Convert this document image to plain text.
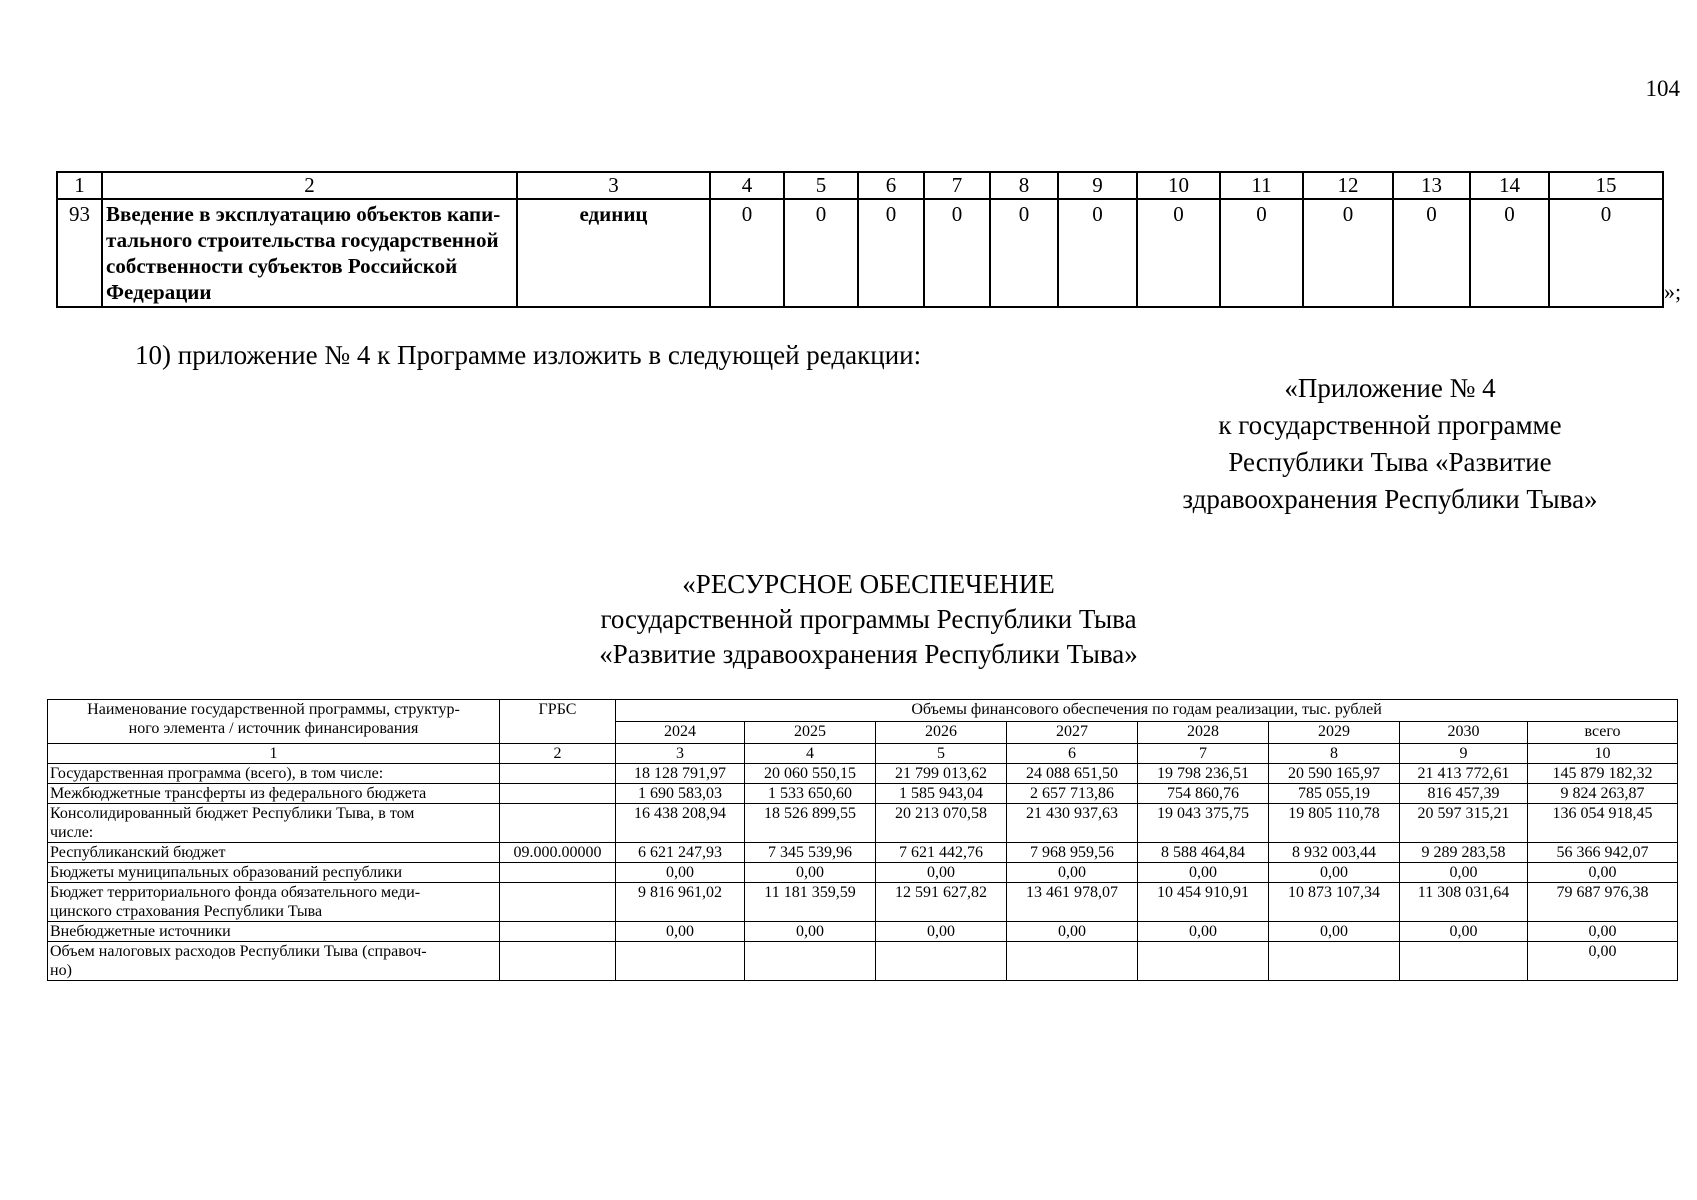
104
1	2	3	4	5	6	7	8	9	10	11	12	13	14	15
93	Введение в эксплуатацию объектов капи-
тального строительства государственной
собственности субъектов Российской
Федерации	единиц	0	0	0	0	0	0	0	0	0	0	0	0
»;
10) приложение № 4 к Программе изложить в следующей редакции:
«Приложение № 4
к государственной программе
Республики Тыва «Развитие
здравоохранения Республики Тыва»
«РЕСУРСНОЕ ОБЕСПЕЧЕНИЕ
государственной программы Республики Тыва
«Развитие здравоохранения Республики Тыва»
Наименование государственной программы, структур-
ного элемента / источник финансирования	ГРБС	Объемы финансового обеспечения по годам реализации, тыс. рублей							
		2024	2025	2026	2027	2028	2029	2030	всего
1	2	3	4	5	6	7	8	9	10

Государственная программа (всего), в том числе:		18 128 791,97	20 060 550,15	21 799 013,62	24 088 651,50	19 798 236,51	20 590 165,97	21 413 772,61	145 879 182,32

Межбюджетные трансферты из федерального бюджета		1 690 583,03	1 533 650,60	1 585 943,04	2 657 713,86	754 860,76	785 055,19	816 457,39	9 824 263,87

Консолидированный бюджет Республики Тыва, в том
числе:		16 438 208,94	18 526 899,55	20 213 070,58	21 430 937,63	19 043 375,75	19 805 110,78	20 597 315,21	136 054 918,45

Республиканский бюджет	09.000.00000	6 621 247,93	7 345 539,96	7 621 442,76	7 968 959,56	8 588 464,84	8 932 003,44	9 289 283,58	56 366 942,07

Бюджеты муниципальных образований республики		0,00	0,00	0,00	0,00	0,00	0,00	0,00	0,00

Бюджет территориального фонда обязательного меди-
цинского страхования Республики Тыва		9 816 961,02	11 181 359,59	12 591 627,82	13 461 978,07	10 454 910,91	10 873 107,34	11 308 031,64	79 687 976,38

Внебюджетные источники		0,00	0,00	0,00	0,00	0,00	0,00	0,00	0,00

Объем налоговых расходов Республики Тыва (справоч-
но)									0,00
